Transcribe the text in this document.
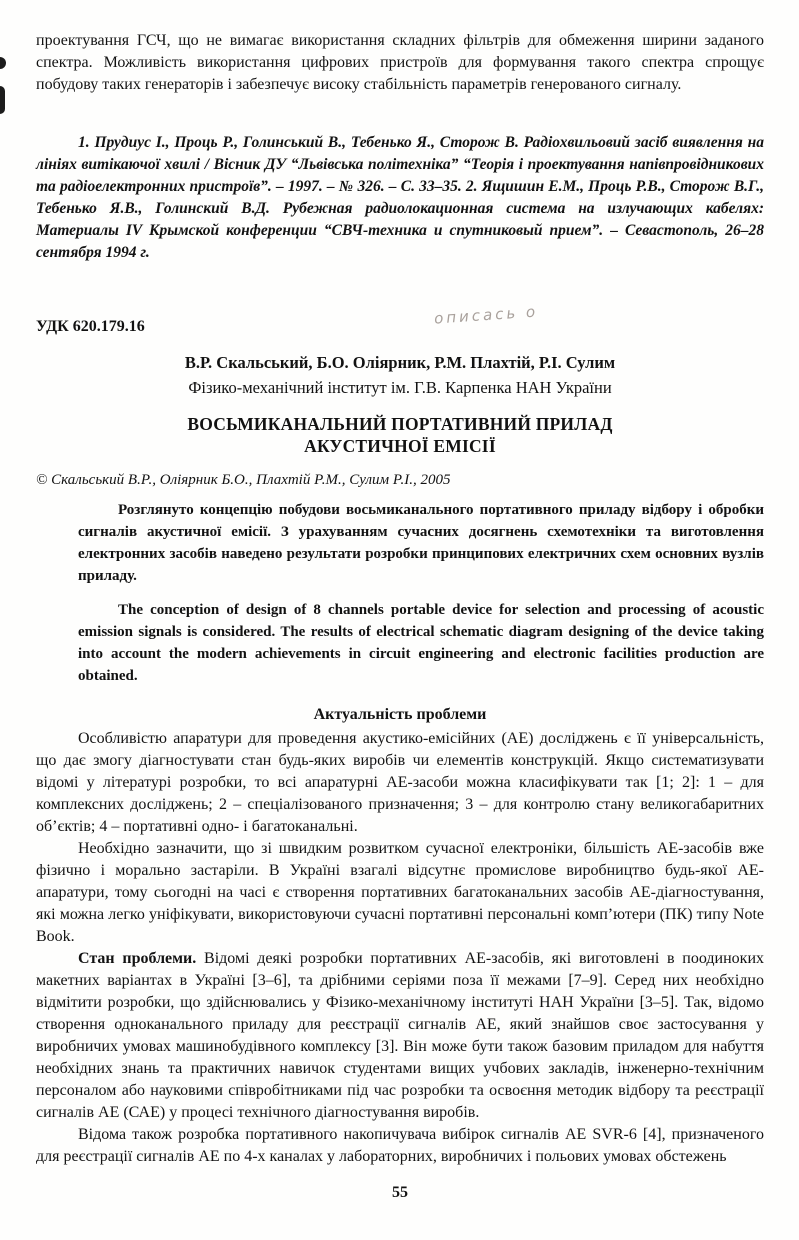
проектування ГСЧ, що не вимагає використання складних фільтрів для обмеження ширини заданого спектра. Можливість використання цифрових пристроїв для формування такого спектра спрощує побудову таких генераторів і забезпечує високу стабільність параметрів генерованого сигналу.

1. Прудиус І., Проць Р., Голинський В., Тебенько Я., Сторож В. Радіохвильовий засіб виявлення на лініях витікаючої хвилі / Вісник ДУ “Львівська політехніка” “Теорія і проектування напівпровідникових та радіоелектронних пристроїв”. – 1997. – № 326. – С. 33–35. 2. Ящишин Е.М., Проць Р.В., Сторож В.Г., Тебенько Я.В., Голинский В.Д. Рубежная радиолокационная система на излучающих кабелях: Материалы IV Крымской конференции “СВЧ-техника и спутниковый прием”. – Севастополь, 26–28 сентября 1994 г.

УДК 620.179.16	опиcась о

В.Р. Скальський, Б.О. Оліярник, Р.М. Плахтій, Р.І. Сулим

Фізико-механічний інститут ім. Г.В. Карпенка НАН України

ВОСЬМИКАНАЛЬНИЙ ПОРТАТИВНИЙ ПРИЛАД
АКУСТИЧНОЇ ЕМІСІЇ

© Скальський В.Р., Оліярник Б.О., Плахтій Р.М., Сулим Р.І., 2005

Розглянуто концепцію побудови восьмиканального портативного приладу відбору і обробки сигналів акустичної емісії. З урахуванням сучасних досягнень схемотехніки та виготовлення електронних засобів наведено результати розробки принципових електричних схем основних вузлів приладу.

The conception of design of 8 channels portable device for selection and processing of acoustic emission signals is considered. The results of electrical schematic diagram designing of the device taking into account the modern achievements in circuit engineering and electronic facilities production are obtained.

Актуальність проблеми

Особливістю апаратури для проведення акустико-емісійних (АЕ) досліджень є її універсальність, що дає змогу діагностувати стан будь-яких виробів чи елементів конструкцій. Якщо систематизувати відомі у літературі розробки, то всі апаратурні АЕ-засоби можна класифікувати так [1; 2]: 1 – для комплексних досліджень; 2 – спеціалізованого призначення; 3 – для контролю стану великогабаритних об’єктів; 4 – портативні одно- і багатоканальні.

Необхідно зазначити, що зі швидким розвитком сучасної електроніки, більшість АЕ-засобів вже фізично і морально застаріли. В Україні взагалі відсутнє промислове виробництво будь-якої АЕ-апаратури, тому сьогодні на часі є створення портативних багатоканальних засобів АЕ-діагностування, які можна легко уніфікувати, використовуючи сучасні портативні персональні комп’ютери (ПК) типу Note Book.

Стан проблеми. Відомі деякі розробки портативних АЕ-засобів, які виготовлені в поодиноких макетних варіантах в Україні [3–6], та дрібними серіями поза її межами [7–9]. Серед них необхідно відмітити розробки, що здійснювались у Фізико-механічному інституті НАН України [3–5]. Так, відомо створення одноканального приладу для реєстрації сигналів АЕ, який знайшов своє застосування у виробничих умовах машинобудівного комплексу [3]. Він може бути також базовим приладом для набуття необхідних знань та практичних навичок студентами вищих учбових закладів, інженерно-технічним персоналом або науковими співробітниками під час розробки та освоєння методик відбору та реєстрації сигналів АЕ (САЕ) у процесі технічного діагностування виробів.

Відома також розробка портативного накопичувача вибірок сигналів АЕ SVR-6 [4], призначеного для реєстрації сигналів АЕ по 4-х каналах у лабораторних, виробничих і польових умовах обстежень

55
